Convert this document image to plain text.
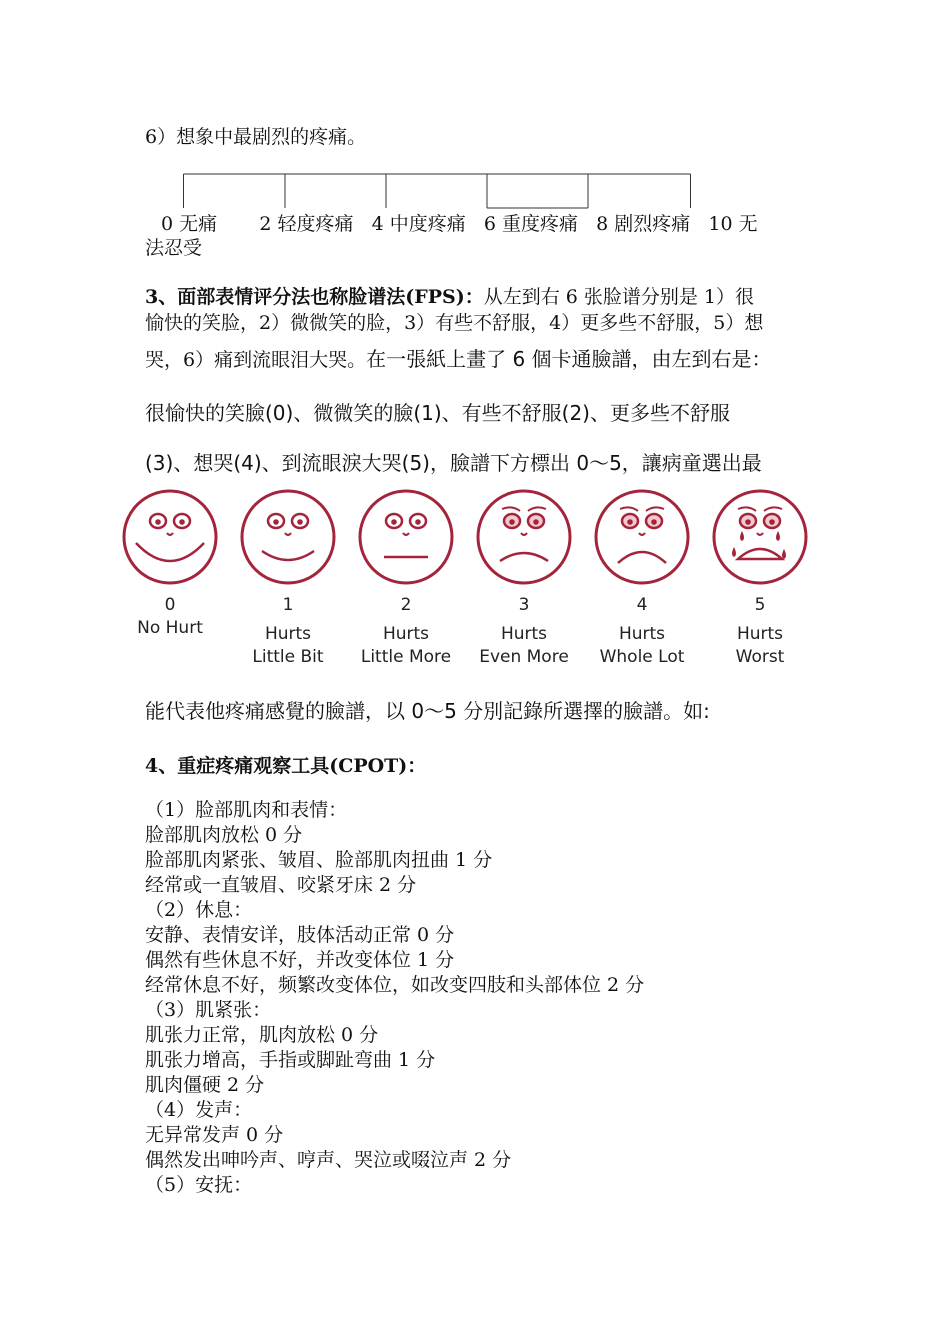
6）想象中最剧烈的疼痛。
0 无痛       2 轻度疼痛   4 中度疼痛   6 重度疼痛   8 剧烈疼痛   10 无
法忍受
3、面部表情评分法也称脸谱法(FPS)：从左到右 6 张脸谱分别是 1）很
愉快的笑脸，2）微微笑的脸，3）有些不舒服，4）更多些不舒服，5）想
哭，6）痛到流眼泪大哭。在一張紙上畫了 6 個卡通臉譜，由左到右是：
很愉快的笑臉(0)、微微笑的臉(1)、有些不舒服(2)、更多些不舒服
(3)、想哭(4)、到流眼淚大哭(5)，臉譜下方標出 0～5，讓病童選出最
0
No Hurt
1
Hurts
Little Bit
2
Hurts
Little More
3
Hurts
Even More
4
Hurts
Whole Lot
5
Hurts
Worst
能代表他疼痛感覺的臉譜，以 0～5 分別記錄所選擇的臉譜。如:
4、重症疼痛观察工具(CPOT)：
（1）脸部肌肉和表情：
脸部肌肉放松 0 分
脸部肌肉紧张、皱眉、脸部肌肉扭曲 1 分
经常或一直皱眉、咬紧牙床 2 分
（2）休息：
安静、表情安详，肢体活动正常 0 分
偶然有些休息不好，并改变体位 1 分
经常休息不好，频繁改变体位，如改变四肢和头部体位 2 分
（3）肌紧张：
肌张力正常，肌肉放松 0 分
肌张力增高，手指或脚趾弯曲 1 分
肌肉僵硬 2 分
（4）发声：
无异常发声 0 分
偶然发出呻吟声、哼声、哭泣或啜泣声 2 分
（5）安抚：
